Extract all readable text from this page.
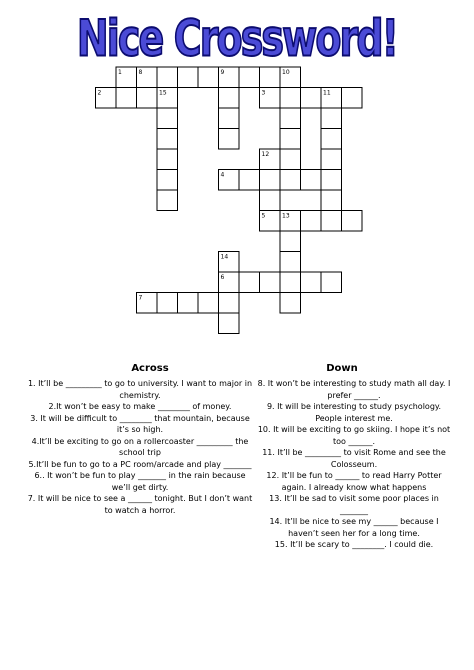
Nice Crossword!
1	8	9	10
11
2	15	3
12
4
5	13
14
6
7
Across	Down
1. It’ll be _________ to go to university. I want to major in chemistry.
2.It won’t be easy to make ________ of money.
3. It will be difficult to ________ that mountain, because it’s so high.
4.It’ll be exciting to go on a rollercoaster _________ the school trip
5.It’ll be fun to go to a PC room/arcade and play _______
6.. It won’t be fun to play _______ in the rain because we’ll get dirty.
7. It will be nice to see a ______ tonight. But I don’t want to watch a horror.
8. It won’t be interesting to study math all day. I prefer ______.
9. It will be interesting to study psychology. People interest me.
10. It will be exciting to go skiing. I hope it’s not too ______.
11. It’ll be _________ to visit Rome and see the Colosseum.
12. It’ll be fun to ______ to read Harry Potter again. I already know what happens
13. It’ll be sad to visit some poor places in _______
14. It’ll be nice to see my ______ because I haven’t seen her for a long time.
15. It’ll be scary to ________. I could die.
